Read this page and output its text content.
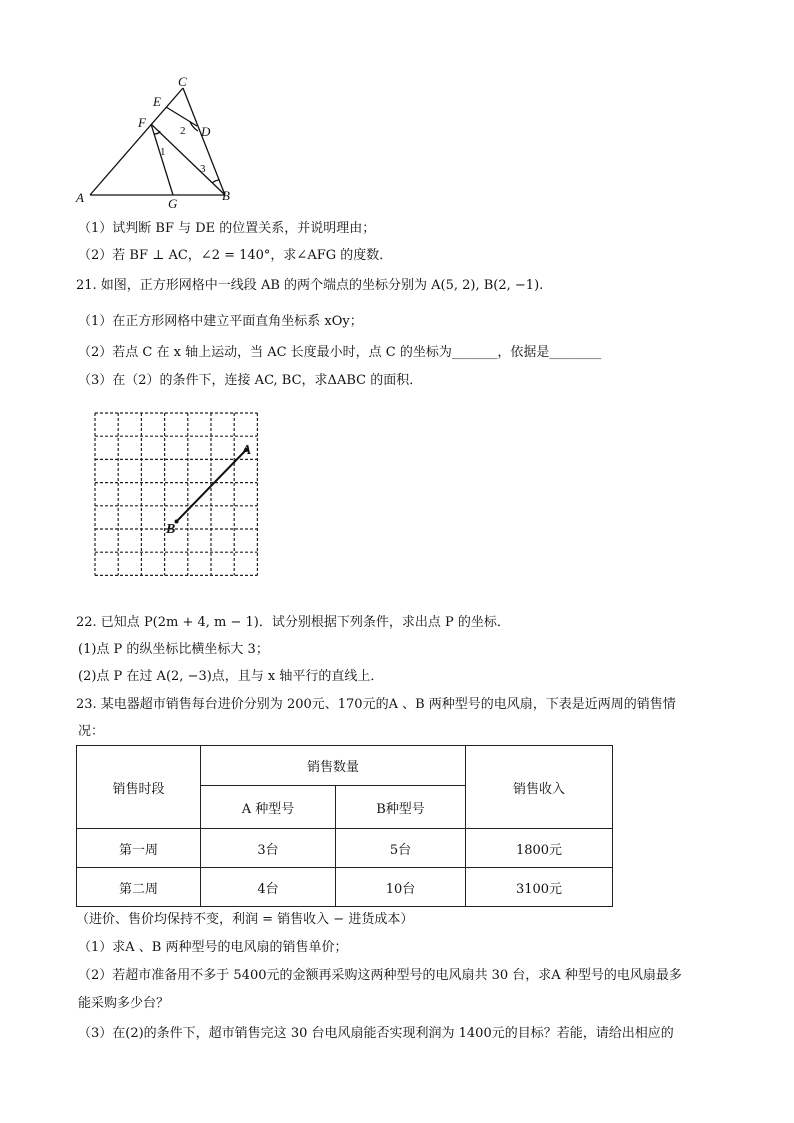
C
E
F
D
A	G
B
2
1
3
（1）试判断 BF 与 DE 的位置关系，并说明理由；
（2）若 BF ⊥ AC，∠2 = 140°，求∠AFG 的度数．
21. 如图，正方形网格中一线段 AB 的两个端点的坐标分别为 A(5, 2), B(2, −1).
（1）在正方形网格中建立平面直角坐标系 xOy；
（2）若点 C 在 x 轴上运动，当 AC 长度最小时，点 C 的坐标为_______，依据是________
（3）在（2）的条件下，连接 AC, BC，求ΔABC 的面积．
A
B
22. 已知点 P(2m + 4, m − 1)．试分别根据下列条件，求出点 P 的坐标．
(1)点 P 的纵坐标比横坐标大 3；
(2)点 P 在过 A(2, −3)点，且与 x 轴平行的直线上．
23. 某电器超市销售每台进价分别为 200元、170元的A 、B 两种型号的电风扇，下表是近两周的销售情
况：
销售时段	销售数量		销售收入
	A 种型号	B种型号	
第一周	3台	5台	1800元
第二周	4台	10台	3100元
（进价、售价均保持不变，利润 = 销售收入 − 进货成本）
（1）求A 、B 两种型号的电风扇的销售单价；
（2）若超市准备用不多于 5400元的金额再采购这两种型号的电风扇共 30 台，求A 种型号的电风扇最多
能采购多少台？
（3）在(2)的条件下，超市销售完这 30 台电风扇能否实现利润为 1400元的目标？若能，请给出相应的
